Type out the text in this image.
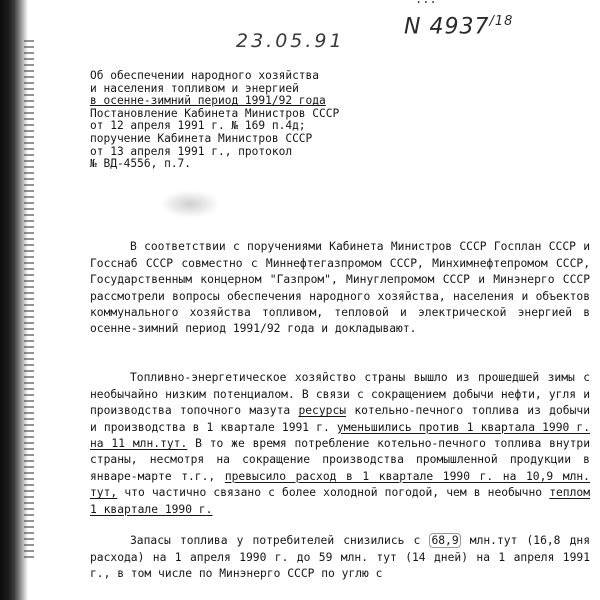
23.05.91
N $4937^{/18}$
Об обеспечении народного хозяйства
и населения топливом и энергией
в осенне-зимний период 1991/92 года
Постановление Кабинета Министров СССР
от 12 апреля 1991 г. № 169 п.4д;
поручение Кабинета Министров СССР
от 13 апреля 1991 г., протокол
№ ВД-4556, п.7.

В соответствии с поручениями Кабинета Министров СССР Госплан СССР и Госснаб СССР совместно с Миннефтегазпромом СССР, Минхимнефтепромом СССР, Государственным концерном "Газпром", Минуглепромом СССР и Минэнерго СССР рассмотрели вопросы обеспечения народного хозяйства, населения и объектов коммунального хозяйства топливом, тепловой и электрической энергией в осенне-зимний период 1991/92 года и докладывают.

Топливно-энергетическое хозяйство страны вышло из прошедшей зимы с необычайно низким потенциалом. В связи с сокращением добычи нефти, угля и производства топочного мазута ресурсы котельно-печного топлива из добычи и производства в 1 квартале 1991 г. уменьшились против 1 квартала 1990 г. на 11 млн.тут. В то же время потребление котельно-печного топлива внутри страны, несмотря на сокращение производства промышленной продукции в январе-марте т.г., превысило расход в 1 квартале 1990 г. на 10,9 млн. тут, что частично связано с более холодной погодой, чем в необычно теплом 1 квартале 1990 г.

Запасы топлива у потребителей снизились с 68,9 млн.тут (16,8 дня расхода) на 1 апреля 1990 г. до 59 млн. тут (14 дней) на 1 апреля 1991 г., в том числе по Минэнерго СССР по углю с
